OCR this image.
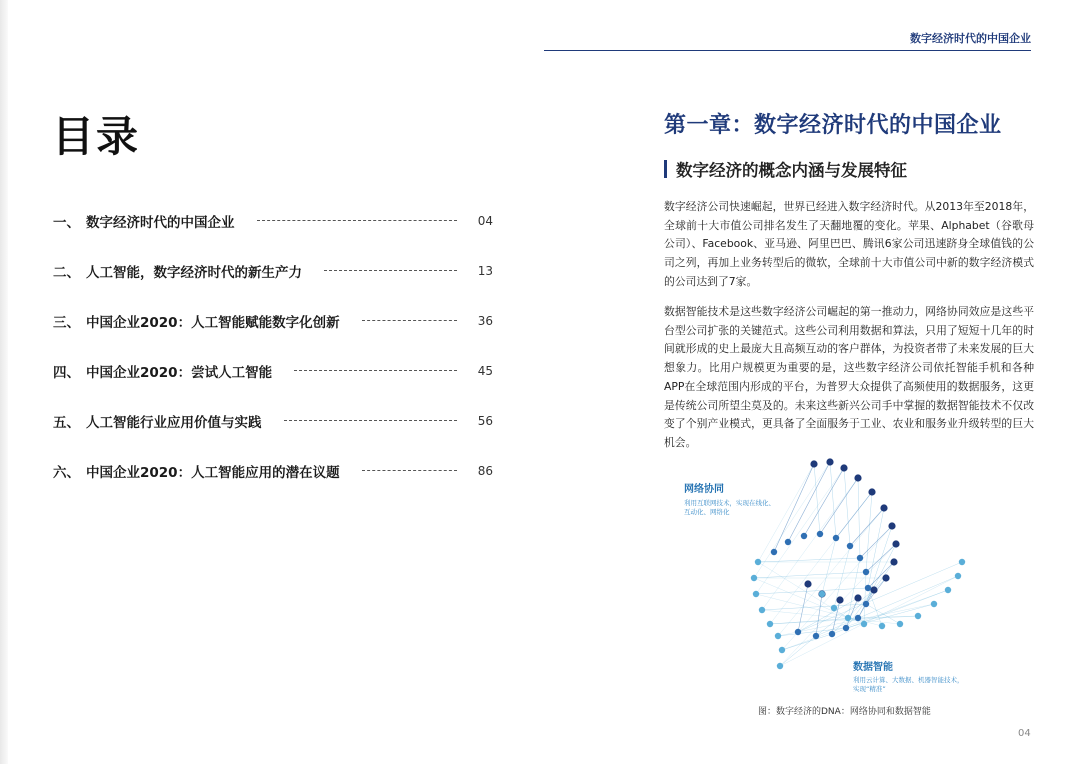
数字经济时代的中国企业
目录
一、 数字经济时代的中国企业	04
二、 人工智能，数字经济时代的新生产力	13
三、 中国企业2020：人工智能赋能数字化创新	36
四、 中国企业2020：尝试人工智能	45
五、 人工智能行业应用价值与实践	56
六、 中国企业2020：人工智能应用的潜在议题	86
第一章：数字经济时代的中国企业
数字经济的概念内涵与发展特征

数字经济公司快速崛起，世界已经进入数字经济时代。从2013年至2018年，全球前十大市值公司排名发生了天翻地覆的变化。苹果、Alphabet（谷歌母公司）、Facebook、亚马逊、阿里巴巴、腾讯6家公司迅速跻身全球值钱的公司之列，再加上业务转型后的微软，全球前十大市值公司中新的数字经济模式的公司达到了7家。

数据智能技术是这些数字经济公司崛起的第一推动力，网络协同效应是这些平台型公司扩张的关键范式。这些公司利用数据和算法，只用了短短十几年的时间就形成的史上最庞大且高频互动的客户群体，为投资者带了未来发展的巨大想象力。比用户规模更为重要的是，这些数字经济公司依托智能手机和各种APP在全球范围内形成的平台，为普罗大众提供了高频使用的数据服务，这更是传统公司所望尘莫及的。未来这些新兴公司手中掌握的数据智能技术不仅改变了个别产业模式，更具备了全面服务于工业、农业和服务业升级转型的巨大机会。

网络协同
利用互联网技术，实现在线化、
互动化、网络化
数据智能
利用云计算、大数据、机器智能技术，
实现“精准”
图：数字经济的DNA：网络协同和数据智能
04
